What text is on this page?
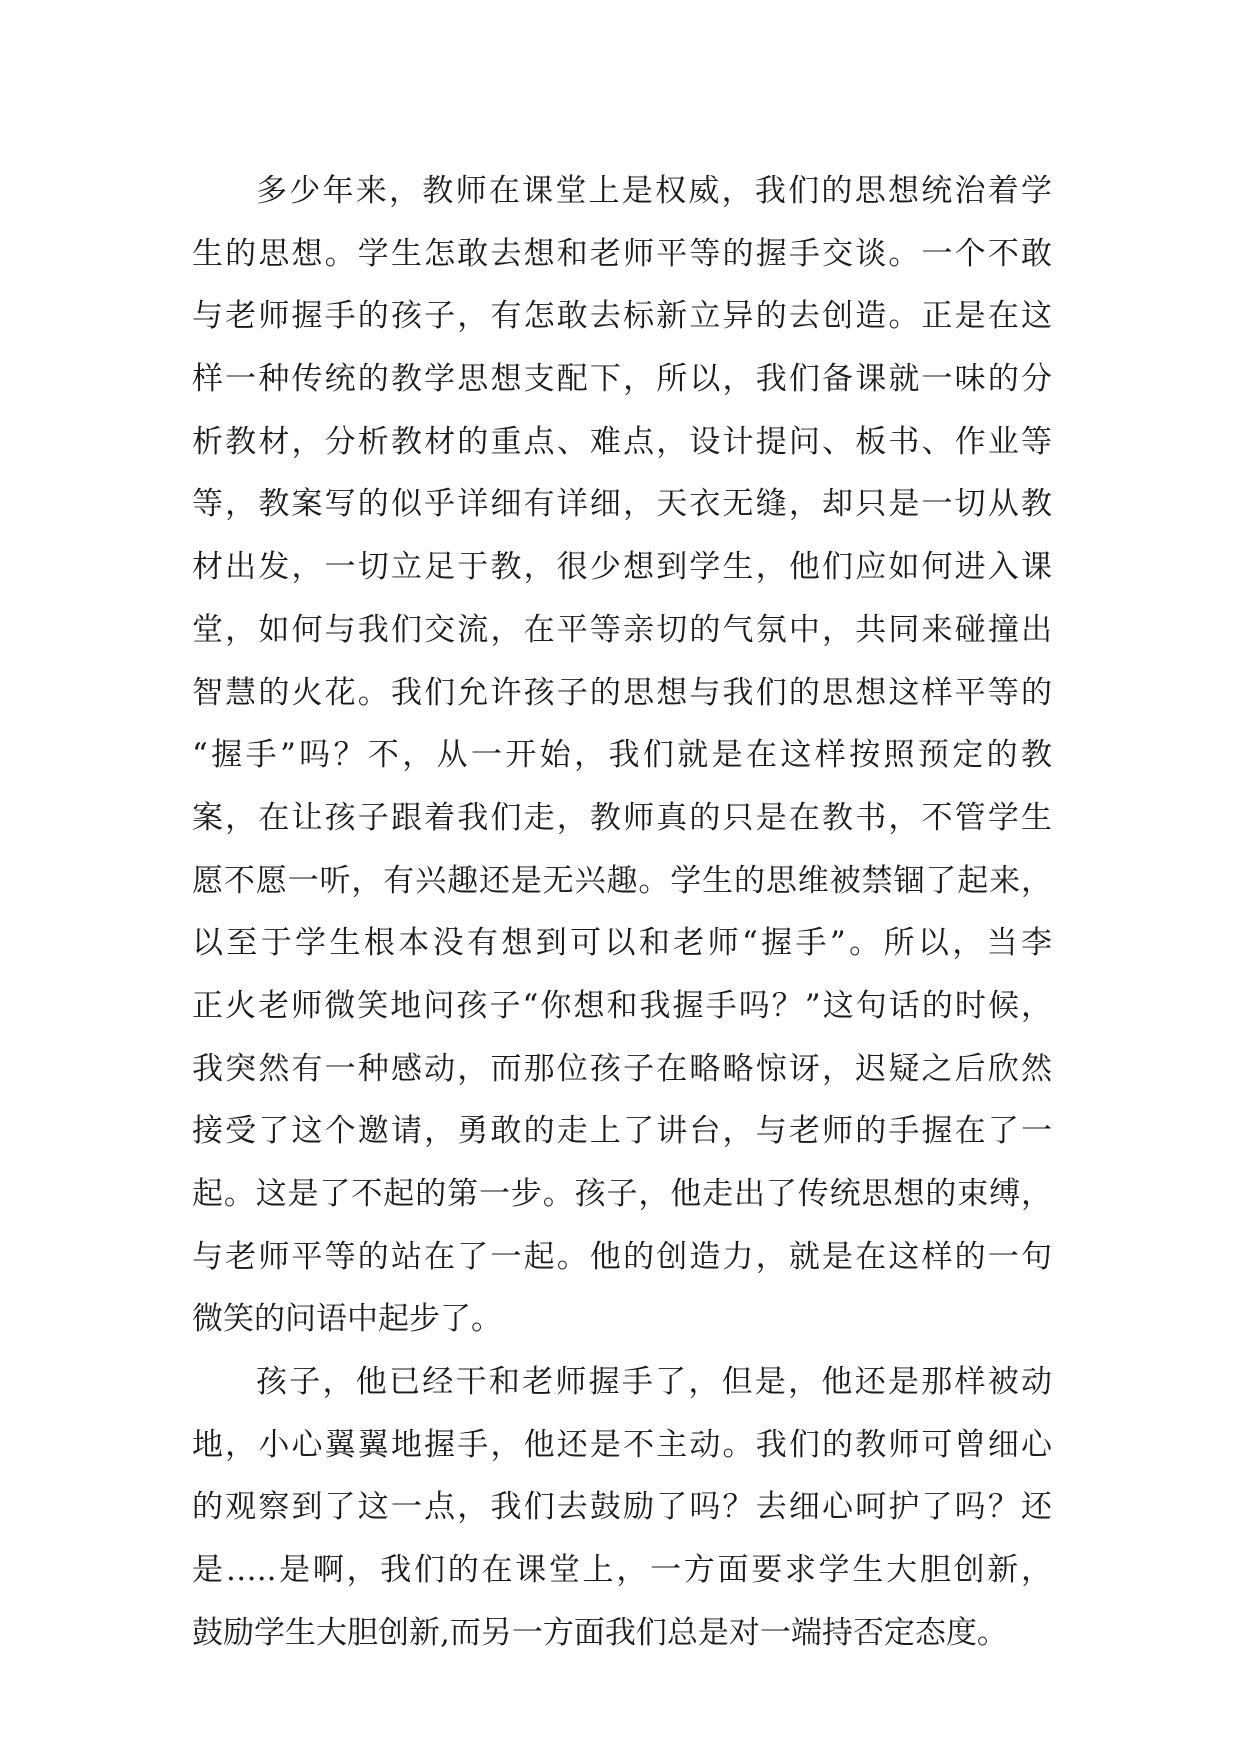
多少年来，教师在课堂上是权威，我们的思想统治着学
生的思想。学生怎敢去想和老师平等的握手交谈。一个不敢
与老师握手的孩子，有怎敢去标新立异的去创造。正是在这
样一种传统的教学思想支配下，所以，我们备课就一味的分
析教材，分析教材的重点、难点，设计提问、板书、作业等
等，教案写的似乎详细有详细，天衣无缝，却只是一切从教
材出发，一切立足于教，很少想到学生，他们应如何进入课
堂，如何与我们交流，在平等亲切的气氛中，共同来碰撞出
智慧的火花。我们允许孩子的思想与我们的思想这样平等的
“握手”吗？不，从一开始，我们就是在这样按照预定的教
案，在让孩子跟着我们走，教师真的只是在教书，不管学生
愿不愿一听，有兴趣还是无兴趣。学生的思维被禁锢了起来，
以至于学生根本没有想到可以和老师“握手”。所以，当李
正火老师微笑地问孩子“你想和我握手吗？”这句话的时候，
我突然有一种感动，而那位孩子在略略惊讶，迟疑之后欣然
接受了这个邀请，勇敢的走上了讲台，与老师的手握在了一
起。这是了不起的第一步。孩子，他走出了传统思想的束缚，
与老师平等的站在了一起。他的创造力，就是在这样的一句
微笑的问语中起步了。
孩子，他已经干和老师握手了，但是，他还是那样被动
地，小心翼翼地握手，他还是不主动。我们的教师可曾细心
的观察到了这一点，我们去鼓励了吗？去细心呵护了吗？还
是…..是啊，我们的在课堂上，一方面要求学生大胆创新，
鼓励学生大胆创新,而另一方面我们总是对一端持否定态度。
